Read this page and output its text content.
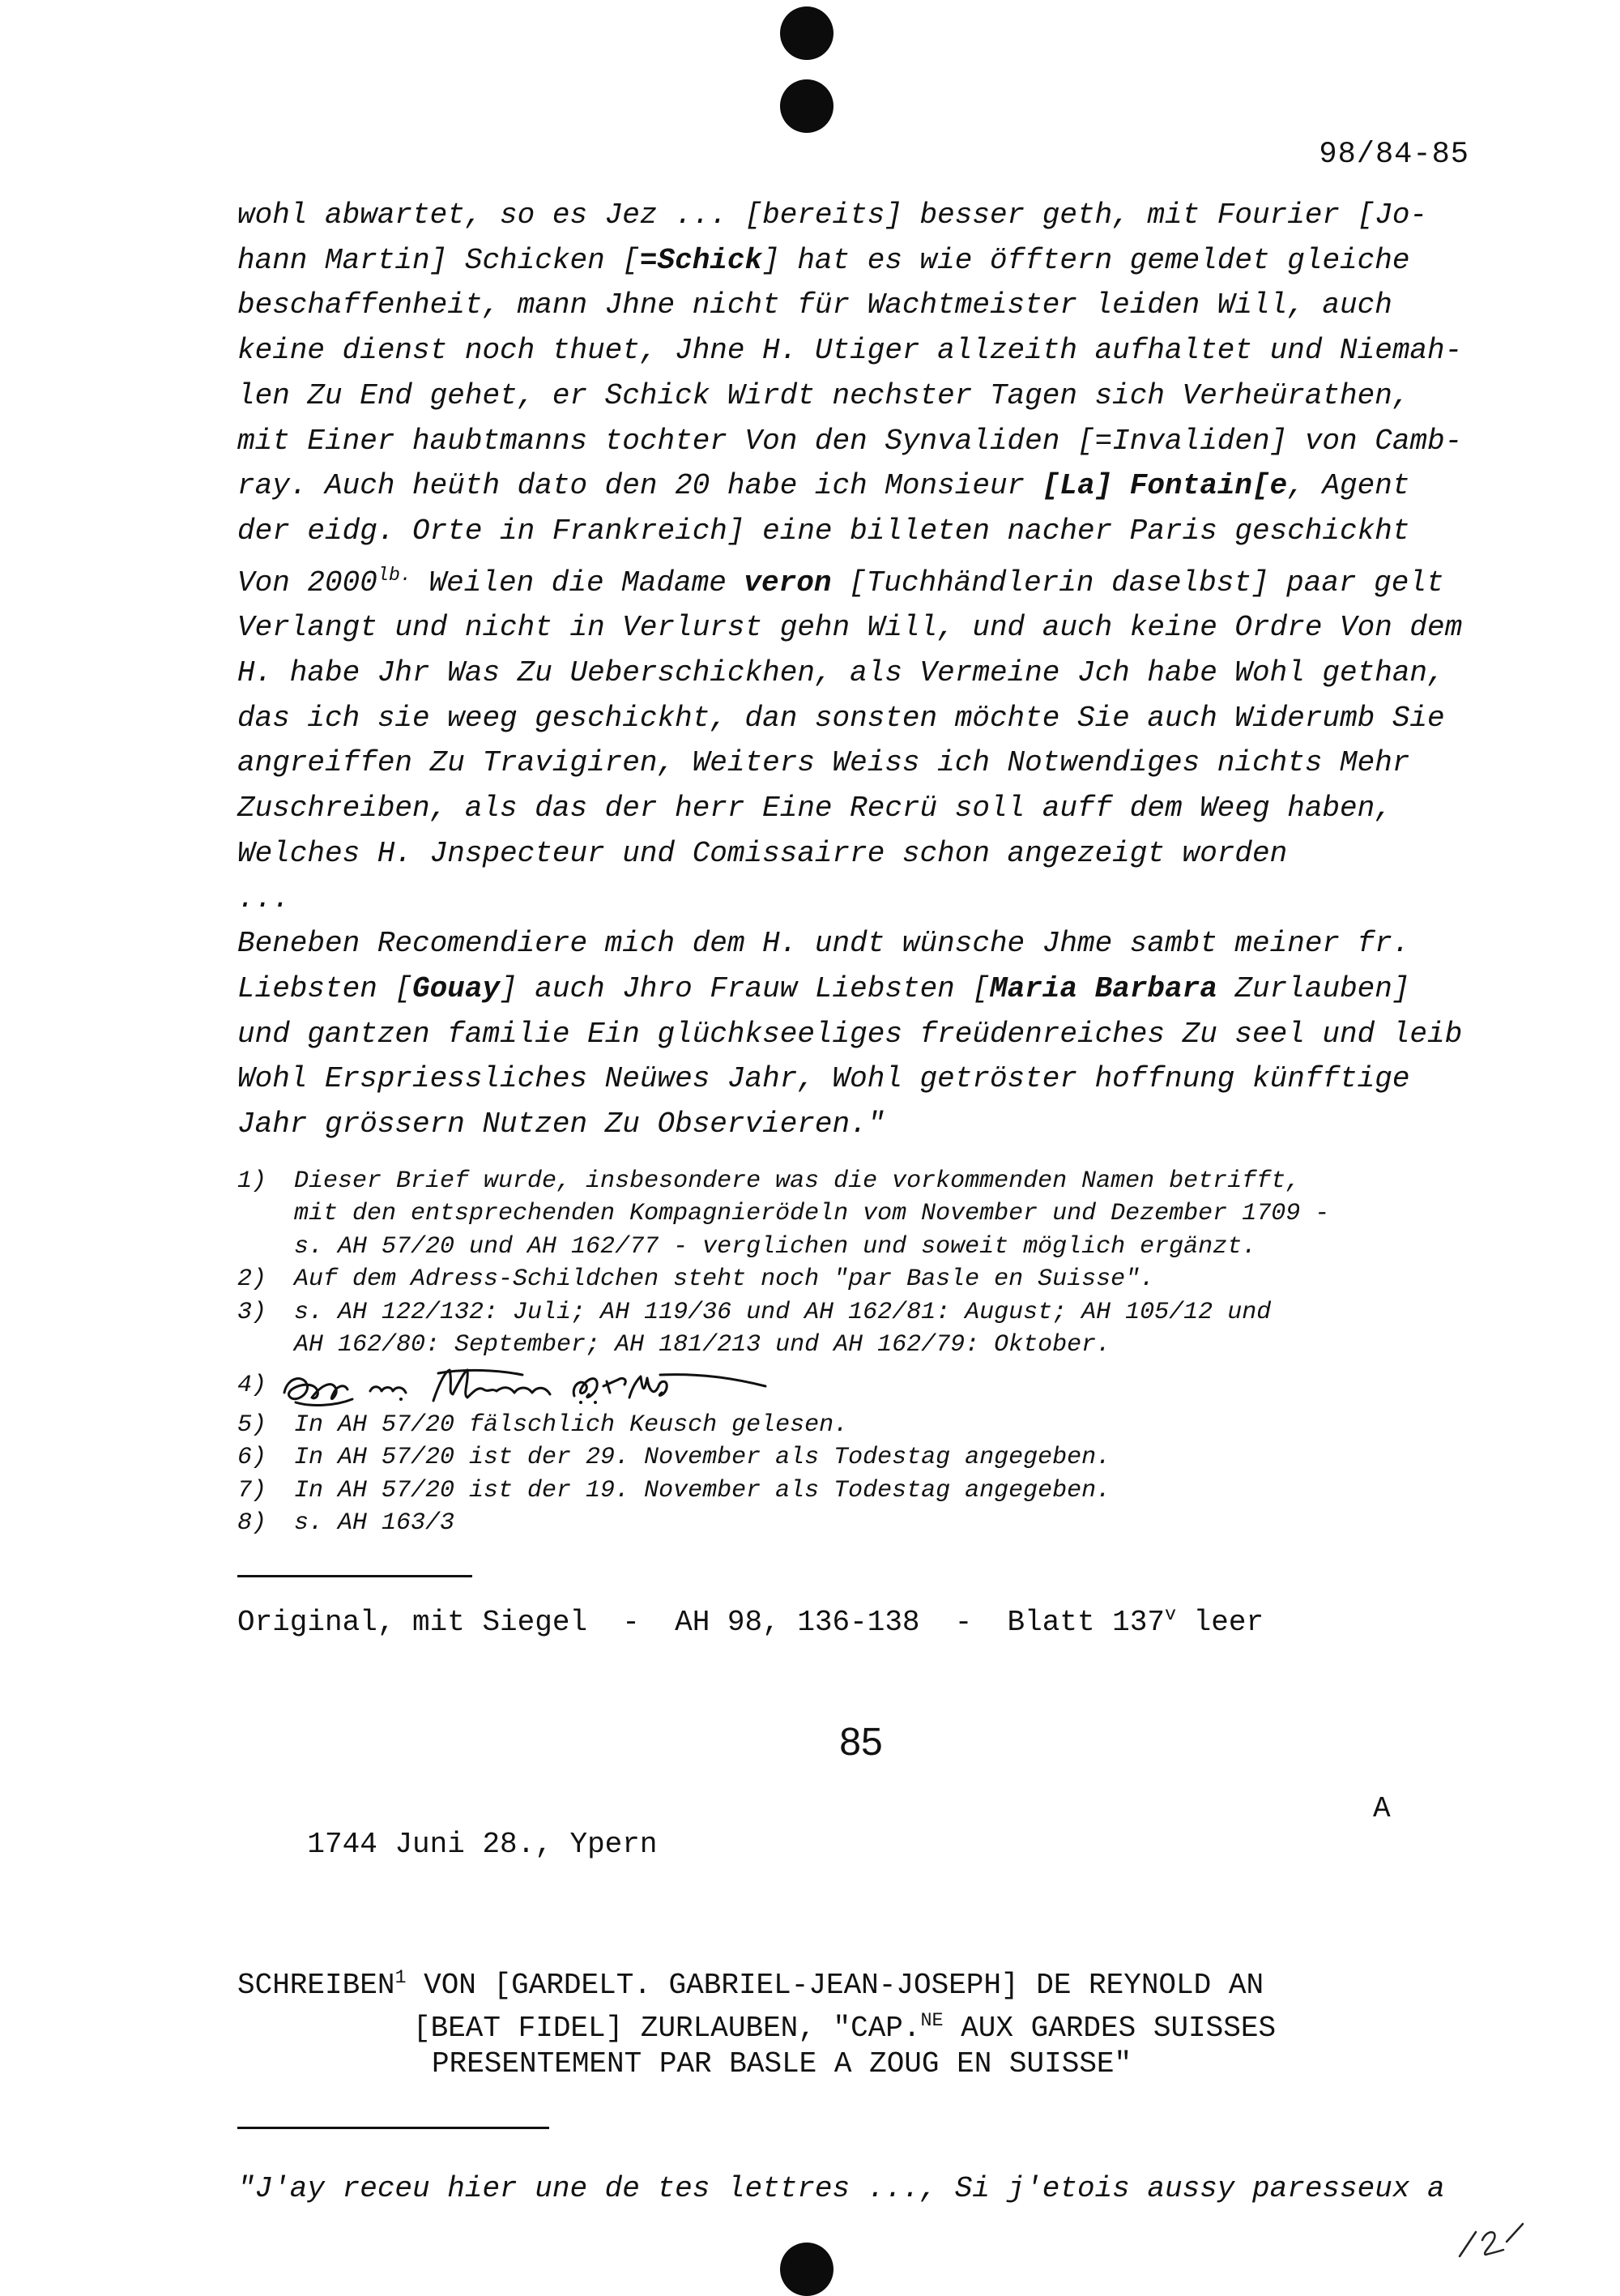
98/84-85
wohl abwartet, so es Jez ... [bereits] besser geth, mit Fourier [Jo-
hann Martin] Schicken [=Schick] hat es wie öfftern gemeldet gleiche
beschaffenheit, mann Jhne nicht für Wachtmeister leiden Will, auch
keine dienst noch thuet, Jhne H. Utiger allzeith aufhaltet und Niemah-
len Zu End gehet, er Schick Wirdt nechster Tagen sich Verheürathen,
mit Einer haubtmanns tochter Von den Synvaliden [=Invaliden] von Camb-
ray. Auch heüth dato den 20 habe ich Monsieur [La] Fontain[e, Agent
der eidg. Orte in Frankreich] eine billeten nacher Paris geschickht
Von $2000^{lb.}$ Weilen die Madame veron [Tuchhändlerin daselbst] paar gelt
Verlangt und nicht in Verlurst gehn Will, und auch keine Ordre Von dem
H. habe Jhr Was Zu Ueberschickhen, als Vermeine Jch habe Wohl gethan,
das ich sie weeg geschickht, dan sonsten möchte Sie auch Widerumb Sie
angreiffen Zu Travigiren, Weiters Weiss ich Notwendiges nichts Mehr
Zuschreiben, als das der herr Eine Recrü soll auff dem Weeg haben,
Welches H. Jnspecteur und Comissairre schon angezeigt worden
...
Beneben Recomendiere mich dem H. undt wünsche Jhme sambt meiner fr.
Liebsten [Gouay] auch Jhro Frauw Liebsten [Maria Barbara Zurlauben]
und gantzen familie Ein glüchkseeliges freüdenreiches Zu seel und leib
Wohl Erspriessliches Neüwes Jahr, Wohl getröster hoffnung künfftige
Jahr grössern Nutzen Zu Observieren."
1)	Dieser Brief wurde, insbesondere was die vorkommenden Namen betrifft,
mit den entsprechenden Kompagnierödeln vom November und Dezember 1709 -
s. AH 57/20 und AH 162/77 - verglichen und soweit möglich ergänzt.
2)	Auf dem Adress-Schildchen steht noch "par Basle en Suisse".
3)	s. AH 122/132: Juli; AH 119/36 und AH 162/81: August; AH 105/12 und
AH 162/80: September; AH 181/213 und AH 162/79: Oktober.
4)
5)	In AH 57/20 fälschlich Keusch gelesen.
6)	In AH 57/20 ist der 29. November als Todestag angegeben.
7)	In AH 57/20 ist der 19. November als Todestag angegeben.
8)	s. AH 163/3
Original, mit Siegel  -  AH 98, 136-138  -  Blatt 137$^v$ leer
85

1744 Juni 28., Ypern

A

SCHREIBEN$^1$ VON [GARDELT. GABRIEL-JEAN-JOSEPH] DE REYNOLD AN
[BEAT FIDEL] ZURLAUBEN, "CAP.$^{NE}$ AUX GARDES SUISSES
PRESENTEMENT PAR BASLE A ZOUG EN SUISSE"
"J'ay receu hier une de tes lettres ..., Si j'etois aussy paresseux a
